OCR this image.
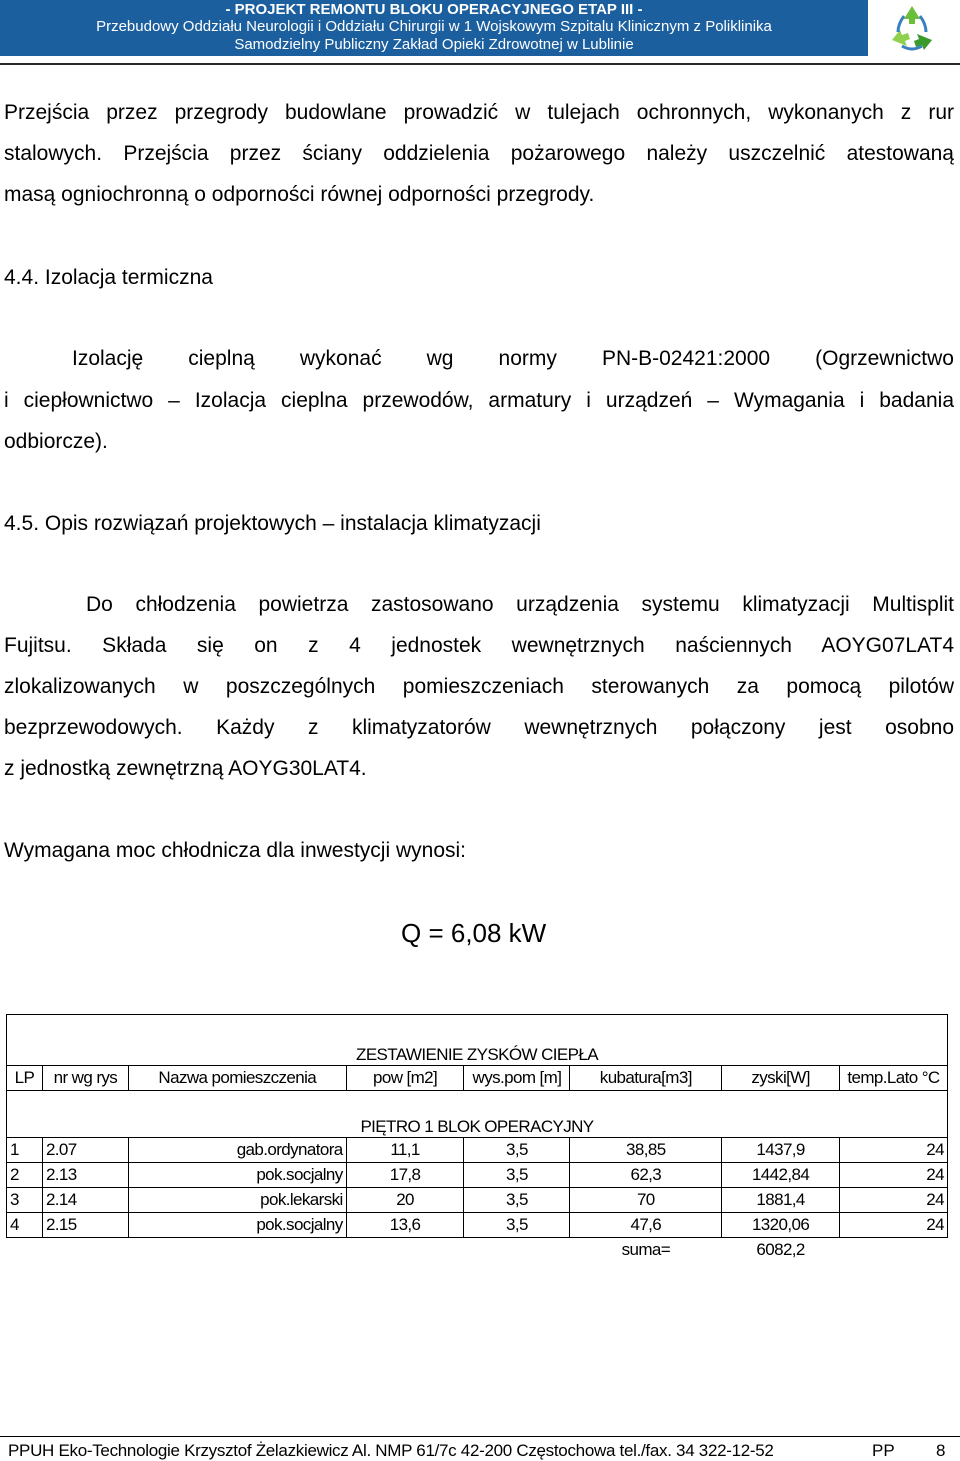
- PROJEKT REMONTU BLOKU OPERACYJNEGO ETAP III -
Przebudowy Oddziału Neurologii i Oddziału Chirurgii w 1 Wojskowym Szpitalu Klinicznym z Poliklinika
Samodzielny Publiczny Zakład Opieki Zdrowotnej w Lublinie
Przejścia przez przegrody budowlane prowadzić w tulejach ochronnych, wykonanych z rur
stalowych. Przejścia przez ściany oddzielenia pożarowego należy uszczelnić atestowaną
masą ogniochronną o odporności równej odporności przegrody.
4.4. Izolacja termiczna
Izolację cieplną wykonać wg normy PN-B-02421:2000 (Ogrzewnictwo
i ciepłownictwo – Izolacja cieplna przewodów, armatury i urządzeń – Wymagania i badania
odbiorcze).
4.5. Opis rozwiązań projektowych – instalacja klimatyzacji
Do chłodzenia powietrza zastosowano urządzenia systemu klimatyzacji Multisplit
Fujitsu. Składa się on z 4 jednostek wewnętrznych naściennych AOYG07LAT4
zlokalizowanych w poszczególnych pomieszczeniach sterowanych za pomocą pilotów
bezprzewodowych. Każdy z klimatyzatorów wewnętrznych połączony jest osobno
z jednostką zewnętrzną AOYG30LAT4.
Wymagana moc chłodnicza dla inwestycji wynosi:
Q = 6,08 kW
ZESTAWIENIE ZYSKÓW CIEPŁA							
LP	nr wg rys	Nazwa pomieszczenia	pow [m2]	wys.pom [m]	kubatura[m3]	zyski[W]	temp.Lato °C
PIĘTRO 1 BLOK OPERACYJNY							
1	2.07	gab.ordynatora	11,1	3,5	38,85	1437,9	24
2	2.13	pok.socjalny	17,8	3,5	62,3	1442,84	24
3	2.14	pok.lekarski	20	3,5	70	1881,4	24
4	2.15	pok.socjalny	13,6	3,5	47,6	1320,06	24
					suma=	6082,2	
PPUH Eko-Technologie Krzysztof Żelazkiewicz Al. NMP 61/7c 42-200 Częstochowa tel./fax. 34 322-12-52	PP 8
